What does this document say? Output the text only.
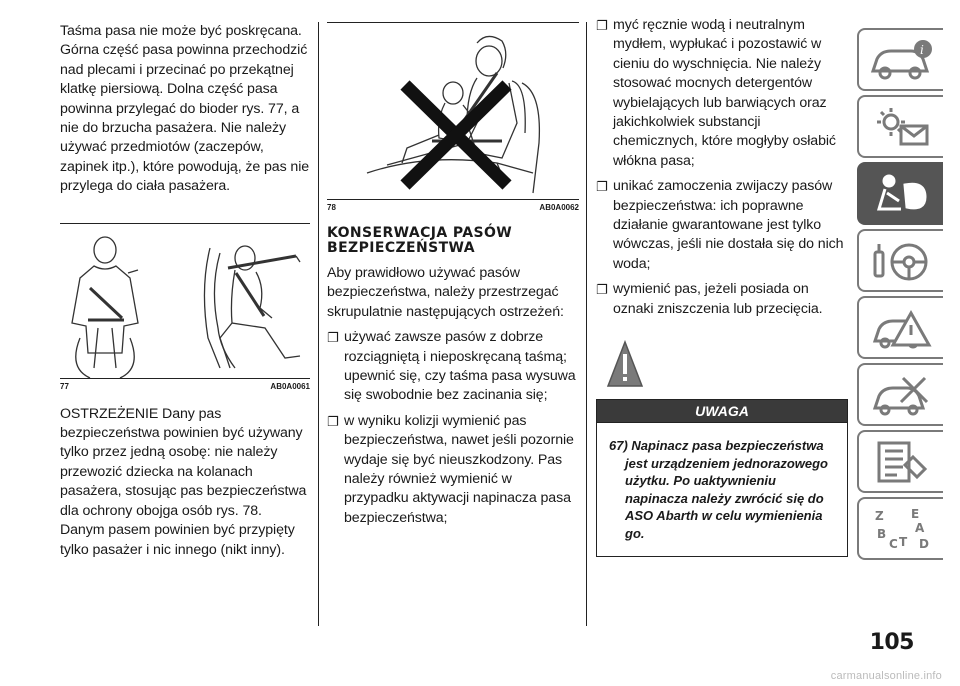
Taśma pasa nie może być poskręcana. Górna część pasa powinna przechodzić nad plecami i przecinać po przekątnej klatkę piersiową. Dolna część pasa powinna przylegać do bioder rys. 77, a nie do brzucha pasażera. Nie należy używać przedmiotów (zaczepów, zapinek itp.), które powodują, że pas nie przylega do ciała pasażera.

77	AB0A0061

OSTRZEŻENIE Dany pas bezpieczeństwa powinien być używany tylko przez jedną osobę: nie należy przewozić dziecka na kolanach pasażera, stosując pas bezpieczeństwa dla ochrony obojga osób rys. 78. Danym pasem powinien być przypięty tylko pasażer i nic innego (nikt inny).

78	AB0A0062
KONSERWACJA PASÓW BEZPIECZEŃSTWA

Aby prawidłowo używać pasów bezpieczeństwa, należy przestrzegać skrupulatnie następujących ostrzeżeń:

❐ używać zawsze pasów z dobrze rozciągniętą i nieposkręcaną taśmą; upewnić się, czy taśma pasa wysuwa się swobodnie bez zacinania się;
❐ w wyniku kolizji wymienić pas bezpieczeństwa, nawet jeśli pozornie wydaje się być nieuszkodzony. Pas należy również wymienić w przypadku aktywacji napinacza pasa bezpieczeństwa;
❐ myć ręcznie wodą i neutralnym mydłem, wypłukać i pozostawić w cieniu do wyschnięcia. Nie należy stosować mocnych detergentów wybielających lub barwiących oraz jakichkolwiek substancji chemicznych, które mogłyby osłabić włókna pasa;
❐ unikać zamoczenia zwijaczy pasów bezpieczeństwa: ich poprawne działanie gwarantowane jest tylko wówczas, jeśli nie dostała się do nich woda;
❐ wymienić pas, jeżeli posiada on oznaki zniszczenia lub przecięcia.
UWAGA
67) Napinacz pasa bezpieczeństwa jest urządzeniem jednorazowego użytku. Po uaktywnieniu napinacza należy zwrócić się do ASO Abarth w celu wymienienia go.
i
Z E
A
B
C T D
105
carmanualsonline.info
